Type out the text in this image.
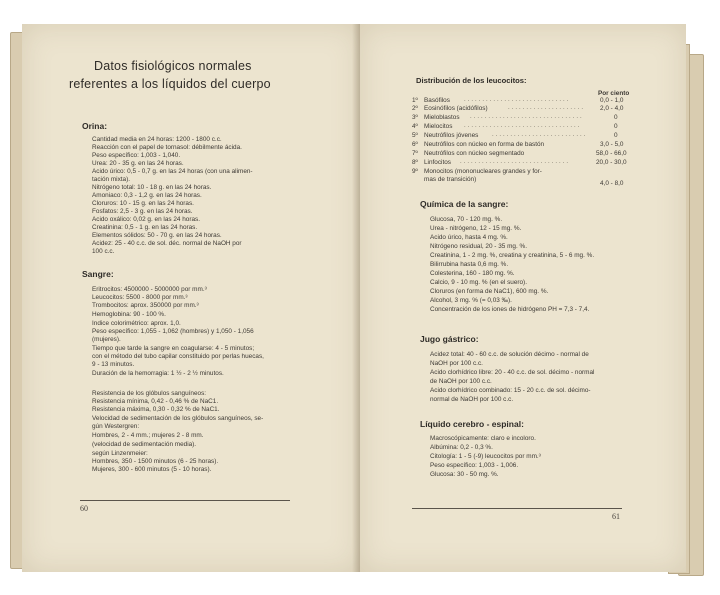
Datos fisiológicos normales
referentes a los líquidos del cuerpo
Orina:
Cantidad media en 24 horas: 1200 - 1800 c.c.
Reacción con el papel de tornasol: débilmente ácida.
Peso específico: 1,003 - 1,040.
Urea: 20 - 35 g. en las 24 horas.
Acido úrico: 0,5 - 0,7 g. en las 24 horas (con una alimen-
tación mixta).
Nitrógeno total: 10 - 18 g. en las 24 horas.
Amoniaco: 0,3 - 1,2 g. en las 24 horas.
Cloruros: 10 - 15 g. en las 24 horas.
Fosfatos: 2,5 - 3 g. en las 24 horas.
Acido oxálico: 0,02 g. en las 24 horas.
Creatinina: 0,5 - 1 g. en las 24 horas.
Elementos sólidos: 50 - 70 g. en las 24 horas.
Acidez: 25 - 40 c.c. de sol. déc. normal de NaOH por
100 c.c.
Sangre:
Eritrocitos: 4500000 - 5000000 por mm.³
Leucocitos: 5500 - 8000 por mm.³
Trombocitos: aprox. 350000 por mm.³
Hemoglobina: 90 - 100 %.
Indice colorimétrico: aprox. 1,0.
Peso específico: 1,055 - 1,062 (hombres) y 1,050 - 1,056
(mujeres).
Tiempo que tarde la sangre en coagularse: 4 - 5 minutos;
con el método del tubo capilar constituido por perlas huecas,
9 - 13 minutos.
Duración de la hemorragia: 1 ½ - 2 ½ minutos.
Resistencia de los glóbulos sanguíneos:
Resistencia mínima, 0,42 - 0,46 % de NaC1.
Resistencia máxima, 0,30 - 0,32 % de NaC1.
Velocidad de sedimentación de los glóbulos sanguíneos, se-
gún Westergren:
Hombres, 2 - 4 mm.; mujeres 2 - 8 mm.
(velocidad de sedimentación media).
según Linzenmeier:
Hombres, 350 - 1500 minutos (6 - 25 horas).
Mujeres, 300 - 600 minutos (5 - 10 horas).
60
Distribución de los leucocitos:
Por ciento
1º Basófilos .............................	0,0 - 1,0
2º Eosinófilos (acidófilos)	.....................	2,0 - 4,0
3º Mieloblastos ...............................	0
4º Mielocitos ................................	0
5º Neutrófilos jóvenes ..........................	0
6º Neutrófilos con núcleo en forma de bastón	3,0 - 5,0
7º Neutrófilos con núcleo segmentado	58,0 - 66,0
8º Linfocitos ..............................	20,0 - 30,0
9º Monocitos (mononucleares grandes y for-
mas de transición)
4,0 - 8,0
Química de la sangre:
Glucosa, 70 - 120 mg. %.
Urea - nitrógeno, 12 - 15 mg. %.
Acido úrico, hasta 4 mg. %.
Nitrógeno residual, 20 - 35 mg. %.
Creatinina, 1 - 2 mg. %, creatina y creatinina, 5 - 6 mg. %.
Bilirrubina hasta 0,6 mg. %.
Colesterina, 160 - 180 mg. %.
Calcio, 9 - 10 mg. % (en el suero).
Cloruros (en forma de NaC1), 600 mg. %.
Alcohol, 3 mg. % (= 0,03 ‰).
Concentración de los iones de hidrógeno PH = 7,3 - 7,4.
Jugo gástrico:
Acidez total: 40 - 60 c.c. de solución décimo - normal de
NaOH por 100 c.c.
Acido clorhídrico libre: 20 - 40 c.c. de sol. décimo - normal
de NaOH por 100 c.c.
Acido clorhídrico combinado: 15 - 20 c.c. de sol. décimo-
normal de NaOH por 100 c.c.
Líquido cerebro - espinal:
Macroscópicamente: claro e incoloro.
Albúmina: 0,2 - 0,3 %.
Citología: 1 - 5 (-9) leucocitos por mm.³
Peso específico: 1,003 - 1,006.
Glucosa: 30 - 50 mg. %.
61
